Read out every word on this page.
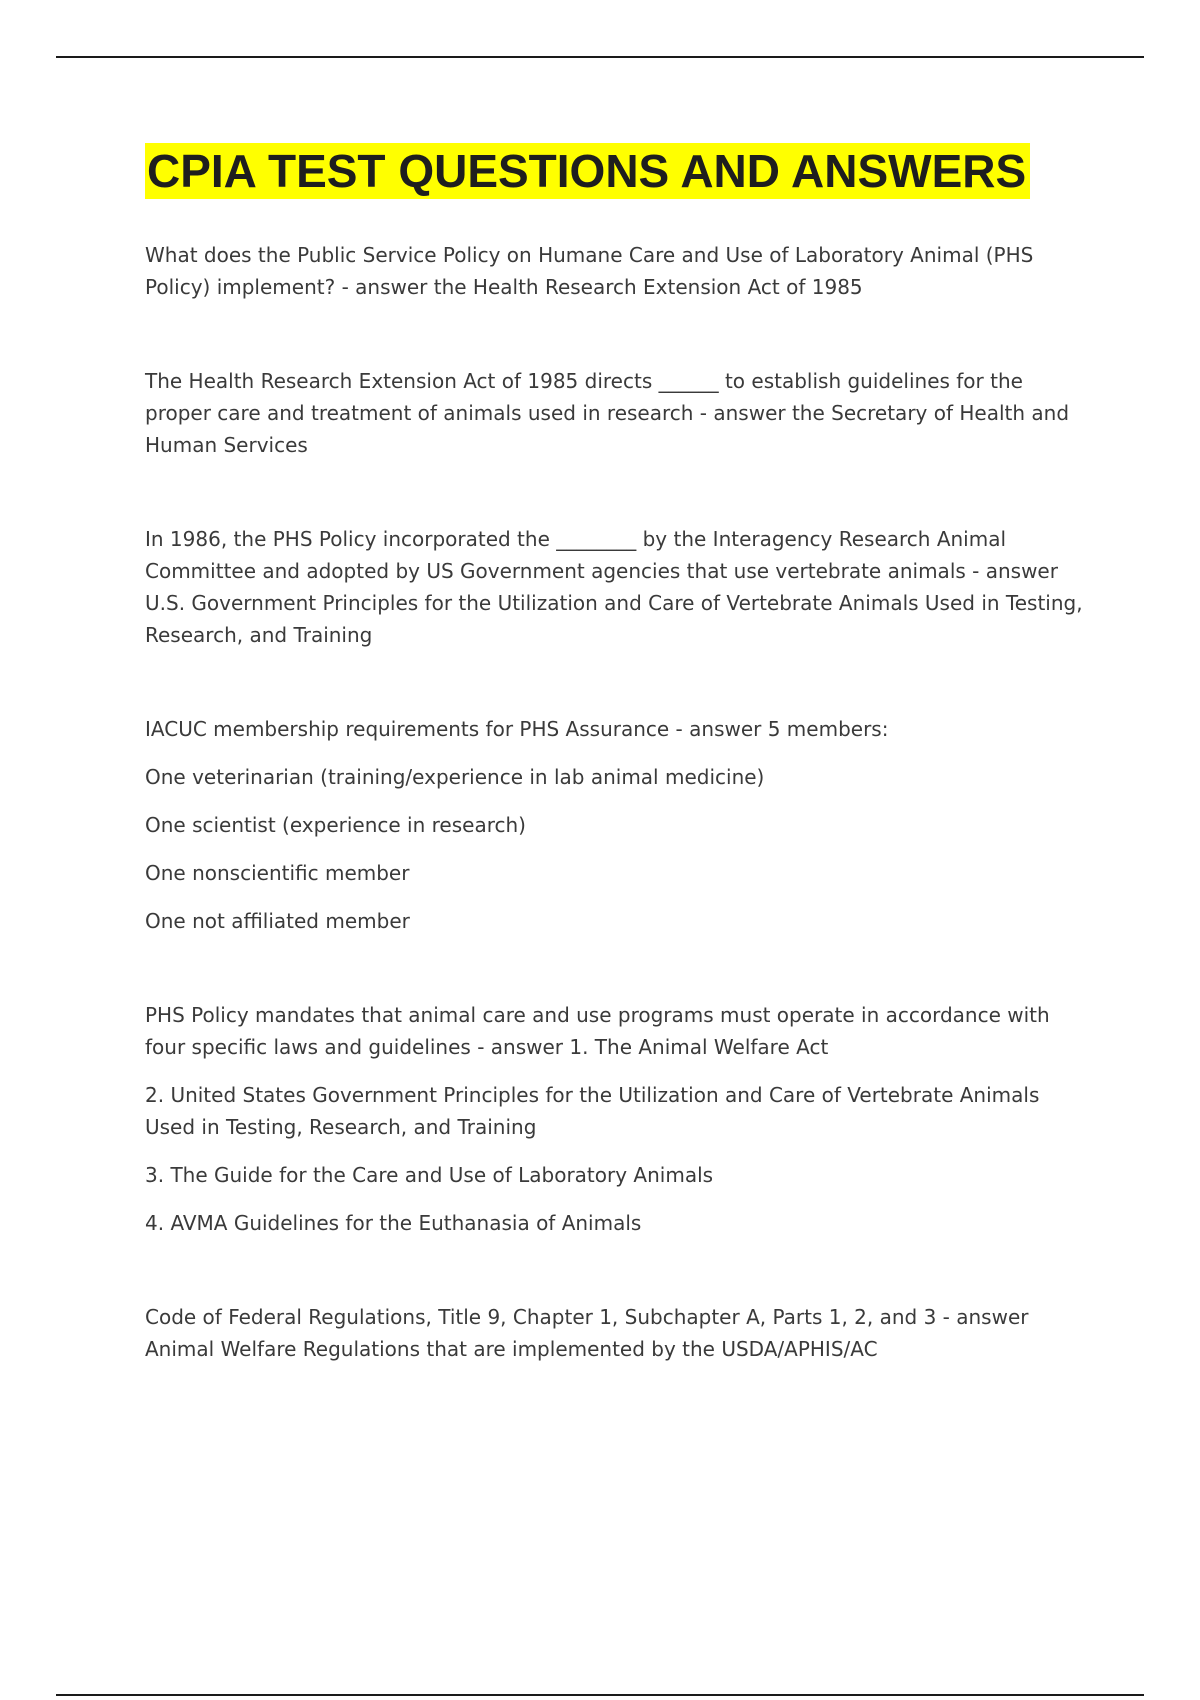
CPIA TEST QUESTIONS AND ANSWERS

What does the Public Service Policy on Humane Care and Use of Laboratory Animal (PHS Policy) implement? - answer the Health Research Extension Act of 1985

The Health Research Extension Act of 1985 directs ______ to establish guidelines for the proper care and treatment of animals used in research - answer the Secretary of Health and Human Services

In 1986, the PHS Policy incorporated the ________ by the Interagency Research Animal Committee and adopted by US Government agencies that use vertebrate animals - answer U.S. Government Principles for the Utilization and Care of Vertebrate Animals Used in Testing, Research, and Training

IACUC membership requirements for PHS Assurance - answer 5 members:

One veterinarian (training/experience in lab animal medicine)

One scientist (experience in research)

One nonscientific member

One not affiliated member

PHS Policy mandates that animal care and use programs must operate in accordance with four specific laws and guidelines - answer 1. The Animal Welfare Act

2. United States Government Principles for the Utilization and Care of Vertebrate Animals Used in Testing, Research, and Training

3. The Guide for the Care and Use of Laboratory Animals

4. AVMA Guidelines for the Euthanasia of Animals

Code of Federal Regulations, Title 9, Chapter 1, Subchapter A, Parts 1, 2, and 3 - answer Animal Welfare Regulations that are implemented by the USDA/APHIS/AC
